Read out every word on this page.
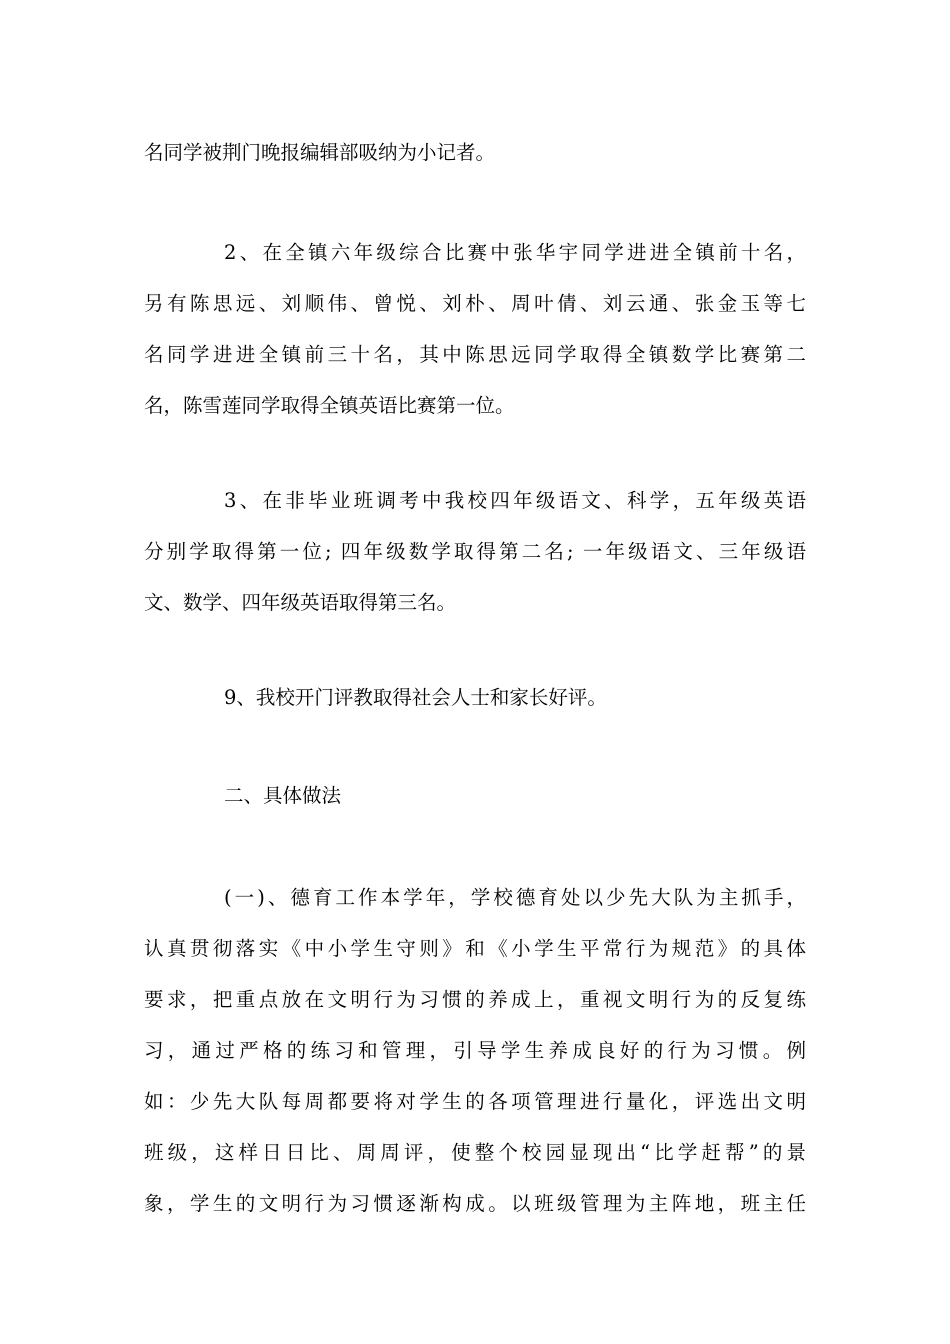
名同学被荆门晚报编辑部吸纳为小记者。
2、在全镇六年级综合比赛中张华宇同学进进全镇前十名，
另有陈思远、刘顺伟、曾悦、刘朴、周叶倩、刘云通、张金玉等七
名同学进进全镇前三十名，其中陈思远同学取得全镇数学比赛第二
名，陈雪莲同学取得全镇英语比赛第一位。
3、在非毕业班调考中我校四年级语文、科学，五年级英语
分别学取得第一位; 四年级数学取得第二名; 一年级语文、三年级语
文、数学、四年级英语取得第三名。
9、我校开门评教取得社会人士和家长好评。
二、具体做法
(一)、德育工作本学年，学校德育处以少先大队为主抓手，
认真贯彻落实《中小学生守则》和《小学生平常行为规范》的具体
要求，把重点放在文明行为习惯的养成上，重视文明行为的反复练
习，通过严格的练习和管理，引导学生养成良好的行为习惯。例
如：少先大队每周都要将对学生的各项管理进行量化，评选出文明
班级，这样日日比、周周评，使整个校园显现出“比学赶帮”的景
象，学生的文明行为习惯逐渐构成。以班级管理为主阵地，班主任
